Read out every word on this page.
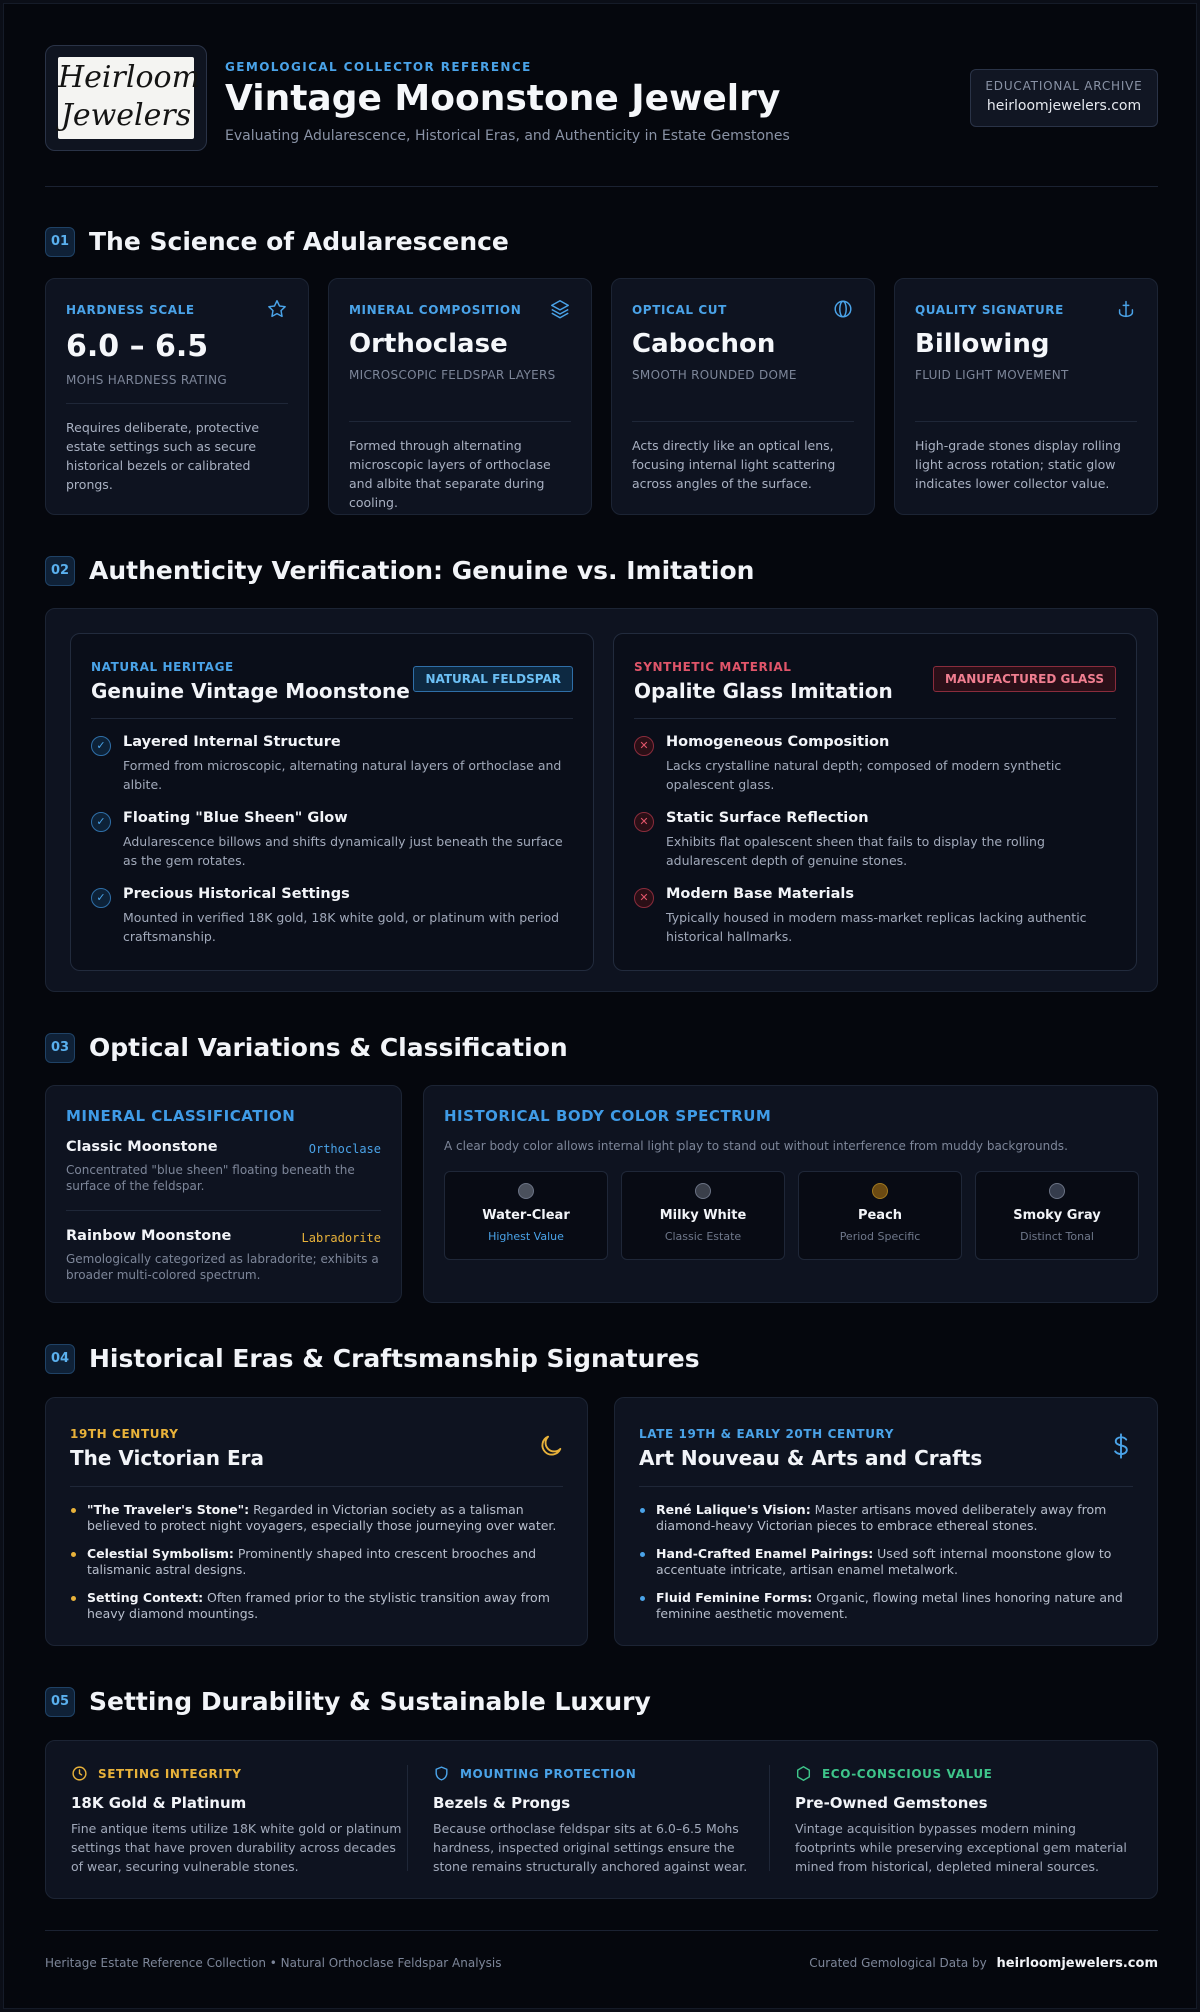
Heirloom
Jewelers
GEMOLOGICAL COLLECTOR REFERENCE
Vintage Moonstone Jewelry
Evaluating Adularescence, Historical Eras, and Authenticity in Estate Gemstones
EDUCATIONAL ARCHIVE
heirloomjewelers.com
01 The Science of Adularescence
HARDNESS SCALE
6.0 – 6.5
MOHS HARDNESS RATING
Requires deliberate, protective estate settings such as secure historical bezels or calibrated prongs.
MINERAL COMPOSITION
Orthoclase
MICROSCOPIC FELDSPAR LAYERS
Formed through alternating microscopic layers of orthoclase and albite that separate during cooling.
OPTICAL CUT
Cabochon
SMOOTH ROUNDED DOME
Acts directly like an optical lens, focusing internal light scattering across angles of the surface.
QUALITY SIGNATURE
Billowing
FLUID LIGHT MOVEMENT
High-grade stones display rolling light across rotation; static glow indicates lower collector value.
02 Authenticity Verification: Genuine vs. Imitation
NATURAL HERITAGE
Genuine Vintage Moonstone	NATURAL FELDSPAR
✓	Layered Internal Structure
Formed from microscopic, alternating natural layers of orthoclase and albite.
✓	Floating "Blue Sheen" Glow
Adularescence billows and shifts dynamically just beneath the surface as the gem rotates.
✓	Precious Historical Settings
Mounted in verified 18K gold, 18K white gold, or platinum with period craftsmanship.
SYNTHETIC MATERIAL
Opalite Glass Imitation	MANUFACTURED GLASS
✕	Homogeneous Composition
Lacks crystalline natural depth; composed of modern synthetic opalescent glass.
✕	Static Surface Reflection
Exhibits flat opalescent sheen that fails to display the rolling adularescent depth of genuine stones.
✕	Modern Base Materials
Typically housed in modern mass-market replicas lacking authentic historical hallmarks.
03 Optical Variations & Classification
MINERAL CLASSIFICATION
Classic Moonstone	Orthoclase
Concentrated "blue sheen" floating beneath the surface of the feldspar.
Rainbow Moonstone	Labradorite
Gemologically categorized as labradorite; exhibits a broader multi-colored spectrum.
HISTORICAL BODY COLOR SPECTRUM
A clear body color allows internal light play to stand out without interference from muddy backgrounds.
Water-Clear
Highest Value
Milky White
Classic Estate
Peach
Period Specific
Smoky Gray
Distinct Tonal
04 Historical Eras & Craftsmanship Signatures
19TH CENTURY
The Victorian Era
"The Traveler's Stone": Regarded in Victorian society as a talisman believed to protect night voyagers, especially those journeying over water.
Celestial Symbolism: Prominently shaped into crescent brooches and talismanic astral designs.
Setting Context: Often framed prior to the stylistic transition away from heavy diamond mountings.
LATE 19TH & EARLY 20TH CENTURY
Art Nouveau & Arts and Crafts
René Lalique's Vision: Master artisans moved deliberately away from diamond-heavy Victorian pieces to embrace ethereal stones.
Hand-Crafted Enamel Pairings: Used soft internal moonstone glow to accentuate intricate, artisan enamel metalwork.
Fluid Feminine Forms: Organic, flowing metal lines honoring nature and feminine aesthetic movement.
05 Setting Durability & Sustainable Luxury
SETTING INTEGRITY
18K Gold & Platinum
Fine antique items utilize 18K white gold or platinum settings that have proven durability across decades of wear, securing vulnerable stones.
MOUNTING PROTECTION
Bezels & Prongs
Because orthoclase feldspar sits at 6.0–6.5 Mohs hardness, inspected original settings ensure the stone remains structurally anchored against wear.
ECO-CONSCIOUS VALUE
Pre-Owned Gemstones
Vintage acquisition bypasses modern mining footprints while preserving exceptional gem material mined from historical, depleted mineral sources.
Heritage Estate Reference Collection • Natural Orthoclase Feldspar Analysis	Curated Gemological Data by heirloomjewelers.com
